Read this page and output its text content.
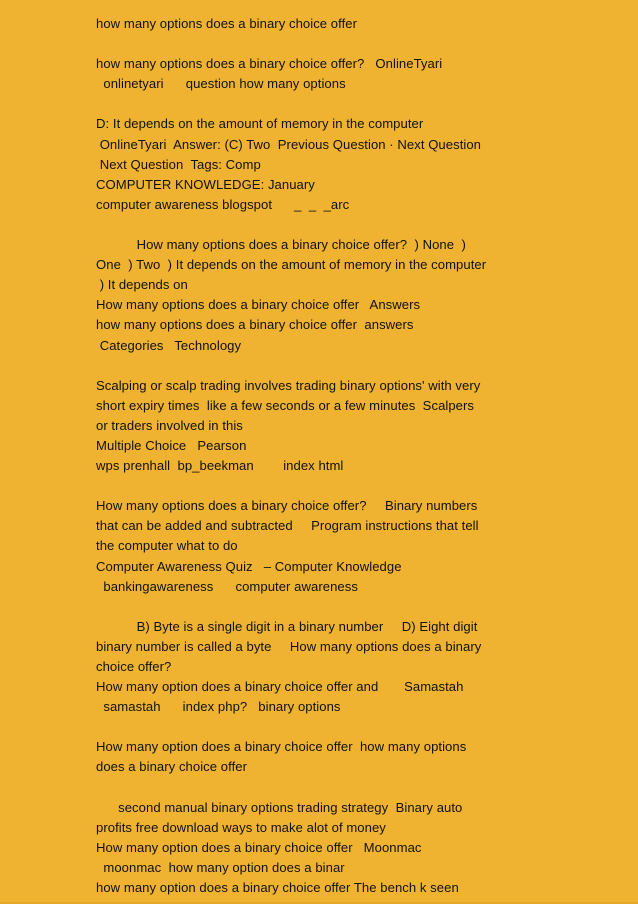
how many options does a binary choice offer
how many options does a binary choice offer?   OnlineTyari
onlinetyari      question how many options
D: It depends on the amount of memory in the computer
OnlineTyari  Answer: (C) Two  Previous Question · Next Question
Next Question  Tags: Comp
COMPUTER KNOWLEDGE: January
computer awareness blogspot      _  _  _arc
How many options does a binary choice offer?  ) None  )
One  ) Two  ) It depends on the amount of memory in the computer
) It depends on
How many options does a binary choice offer   Answers
how many options does a binary choice offer  answers
Categories   Technology
Scalping or scalp trading involves trading binary options' with very
short expiry times  like a few seconds or a few minutes  Scalpers
or traders involved in this
Multiple Choice   Pearson
wps prenhall  bp_beekman        index html
How many options does a binary choice offer?     Binary numbers
that can be added and subtracted     Program instructions that tell
the computer what to do
Computer Awareness Quiz   – Computer Knowledge
bankingawareness      computer awareness
B) Byte is a single digit in a binary number     D) Eight digit
binary number is called a byte     How many options does a binary
choice offer?
How many option does a binary choice offer and       Samastah
samastah      index php?   binary options
How many option does a binary choice offer  how many options
does a binary choice offer
second manual binary options trading strategy  Binary auto
profits free download ways to make alot of money
How many option does a binary choice offer   Moonmac
moonmac  how many option does a binar
how many option does a binary choice offer The bench k seen
